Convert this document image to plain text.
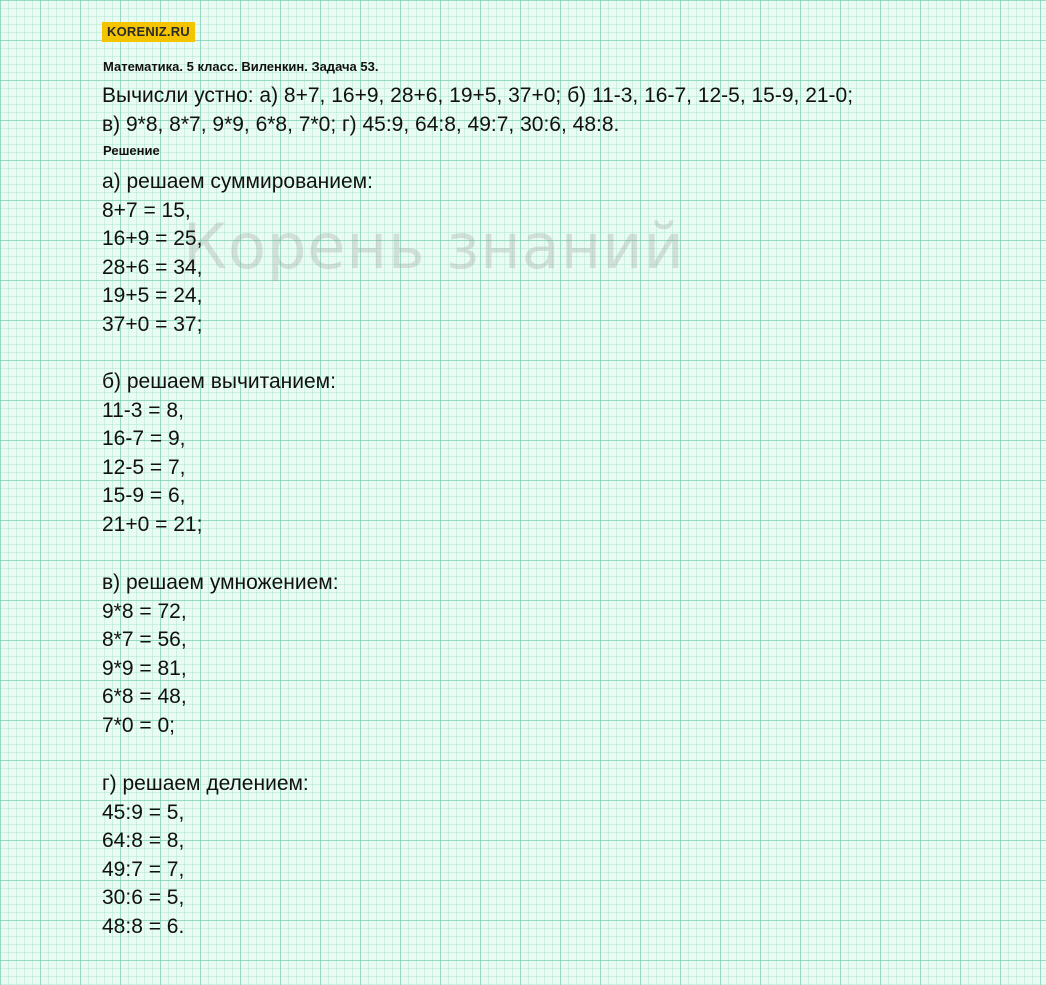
KORENIZ.RU
Математика. 5 класс. Виленкин. Задача 53.
Вычисли устно: а) 8+7, 16+9, 28+6, 19+5, 37+0; б) 11-3, 16-7, 12-5, 15-9, 21-0;
в) 9*8, 8*7, 9*9, 6*8, 7*0; г) 45:9, 64:8, 49:7, 30:6, 48:8.
Решение
Корень знаний
а) решаем суммированием:
8+7 = 15,
16+9 = 25,
28+6 = 34,
19+5 = 24,
37+0 = 37;
б) решаем вычитанием:
11-3 = 8,
16-7 = 9,
12-5 = 7,
15-9 = 6,
21+0 = 21;
в) решаем умножением:
9*8 = 72,
8*7 = 56,
9*9 = 81,
6*8 = 48,
7*0 = 0;
г) решаем делением:
45:9 = 5,
64:8 = 8,
49:7 = 7,
30:6 = 5,
48:8 = 6.
